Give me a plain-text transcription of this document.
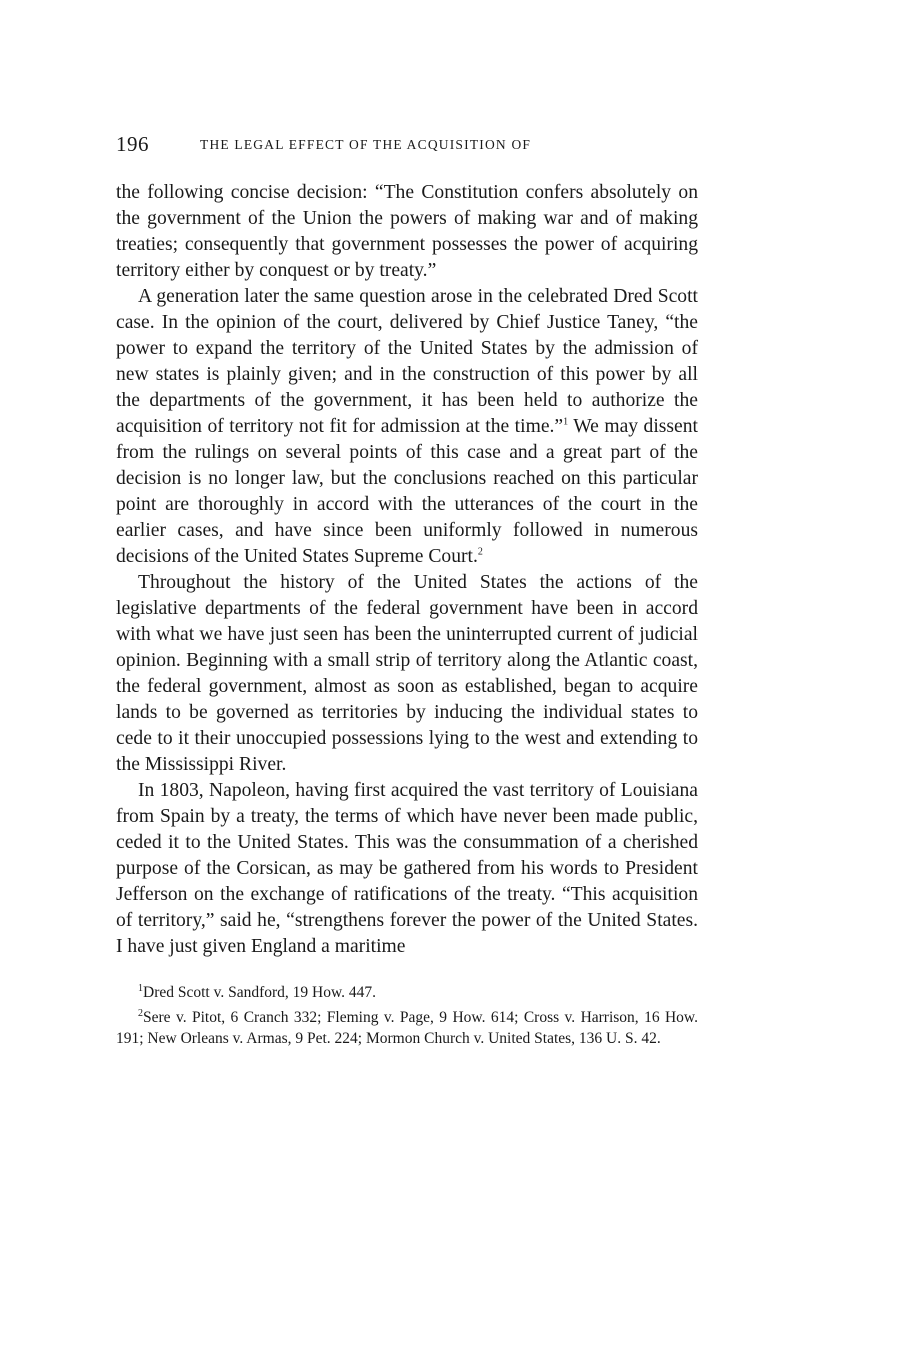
196	THE LEGAL EFFECT OF THE ACQUISITION OF

the following concise decision: “The Constitution confers absolutely on the government of the Union the powers of making war and of making treaties; consequently that government possesses the power of acquiring territory either by conquest or by treaty.”

A generation later the same question arose in the celebrated Dred Scott case. In the opinion of the court, delivered by Chief Justice Taney, “the power to expand the territory of the United States by the admission of new states is plainly given; and in the construction of this power by all the departments of the government, it has been held to authorize the acquisition of territory not fit for admission at the time.”$^1$ We may dissent from the rulings on several points of this case and a great part of the decision is no longer law, but the conclusions reached on this particular point are thoroughly in accord with the utterances of the court in the earlier cases, and have since been uniformly followed in numerous decisions of the United States Supreme Court.$^2$

Throughout the history of the United States the actions of the legislative departments of the federal government have been in accord with what we have just seen has been the uninterrupted current of judicial opinion. Beginning with a small strip of territory along the Atlantic coast, the federal government, almost as soon as established, began to acquire lands to be governed as territories by inducing the individual states to cede to it their unoccupied possessions lying to the west and extending to the Mississippi River.

In 1803, Napoleon, having first acquired the vast territory of Louisiana from Spain by a treaty, the terms of which have never been made public, ceded it to the United States. This was the consummation of a cherished purpose of the Corsican, as may be gathered from his words to President Jefferson on the exchange of ratifications of the treaty. “This acquisition of territory,” said he, “strengthens forever the power of the United States. I have just given England a maritime

$^1$Dred Scott v. Sandford, 19 How. 447.

$^2$Sere v. Pitot, 6 Cranch 332; Fleming v. Page, 9 How. 614; Cross v. Harrison, 16 How. 191; New Orleans v. Armas, 9 Pet. 224; Mormon Church v. United States, 136 U. S. 42.
